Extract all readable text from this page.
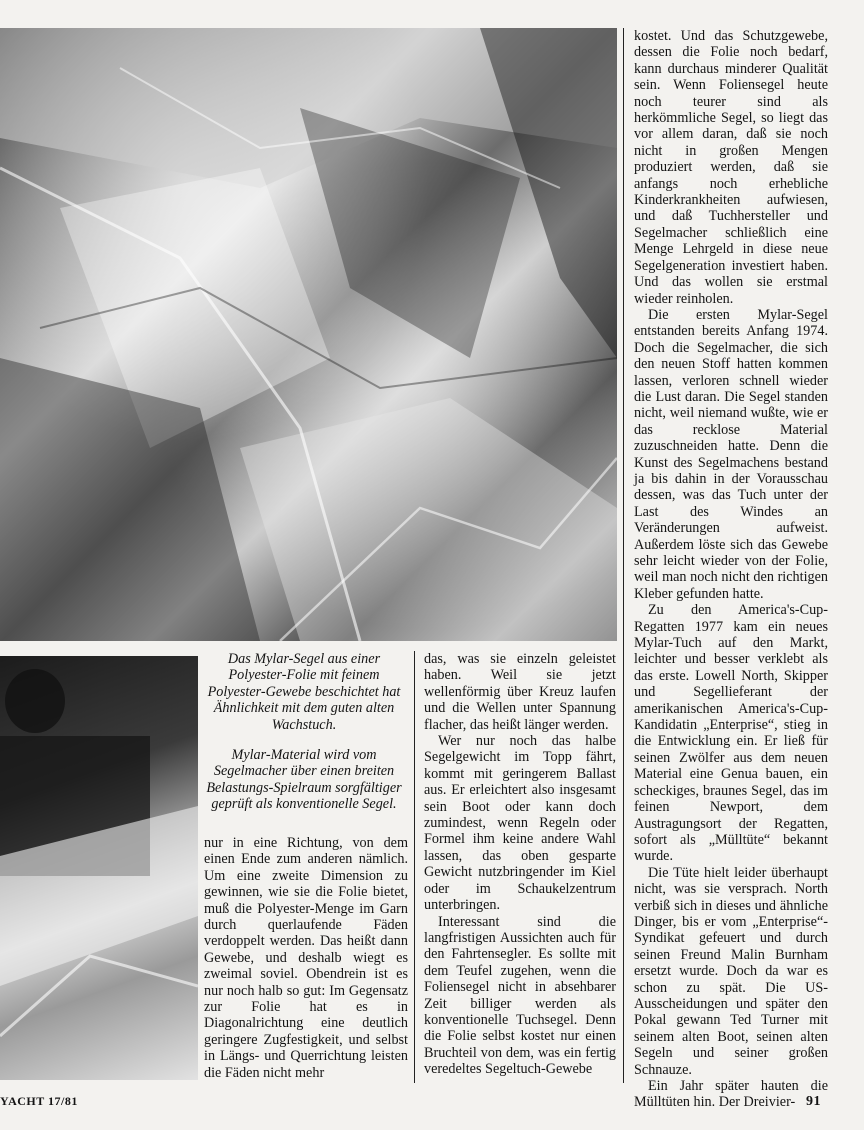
Das Mylar-Segel aus einer Polyester-Folie mit feinem Polyester-Gewebe beschichtet hat Ähnlichkeit mit dem guten alten Wachstuch.

Mylar-Material wird vom Segelmacher über einen breiten Belastungs-Spielraum sorgfältiger geprüft als konventionelle Segel.

nur in eine Richtung, von dem einen Ende zum anderen nämlich. Um eine zweite Dimension zu gewinnen, wie sie die Folie bietet, muß die Polyester-Menge im Garn durch querlaufende Fäden verdoppelt werden. Das heißt dann Gewebe, und deshalb wiegt es zweimal soviel. Obendrein ist es nur noch halb so gut: Im Gegensatz zur Folie hat es in Diagonalrichtung eine deutlich geringere Zugfestigkeit, und selbst in Längs- und Querrichtung leisten die Fäden nicht mehr

das, was sie einzeln geleistet haben. Weil sie jetzt wellenförmig über Kreuz laufen und die Wellen unter Spannung flacher, das heißt länger werden.

Wer nur noch das halbe Segelgewicht im Topp fährt, kommt mit geringerem Ballast aus. Er erleichtert also insgesamt sein Boot oder kann doch zumindest, wenn Regeln oder Formel ihm keine andere Wahl lassen, das oben gesparte Gewicht nutzbringender im Kiel oder im Schaukelzentrum unterbringen.

Interessant sind die langfristigen Aussichten auch für den Fahrtensegler. Es sollte mit dem Teufel zugehen, wenn die Foliensegel nicht in absehbarer Zeit billiger werden als konventionelle Tuchsegel. Denn die Folie selbst kostet nur einen Bruchteil von dem, was ein fertig veredeltes Segeltuch-Gewebe

kostet. Und das Schutzgewebe, dessen die Folie noch bedarf, kann durchaus minderer Qualität sein. Wenn Foliensegel heute noch teurer sind als herkömmliche Segel, so liegt das vor allem daran, daß sie noch nicht in großen Mengen produziert werden, daß sie anfangs noch erhebliche Kinderkrankheiten aufwiesen, und daß Tuchhersteller und Segelmacher schließlich eine Menge Lehrgeld in diese neue Segelgeneration investiert haben. Und das wollen sie erstmal wieder reinholen.

Die ersten Mylar-Segel entstanden bereits Anfang 1974. Doch die Segelmacher, die sich den neuen Stoff hatten kommen lassen, verloren schnell wieder die Lust daran. Die Segel standen nicht, weil niemand wußte, wie er das recklose Material zuzuschneiden hatte. Denn die Kunst des Segelmachens bestand ja bis dahin in der Vorausschau dessen, was das Tuch unter der Last des Windes an Veränderungen aufweist. Außerdem löste sich das Gewebe sehr leicht wieder von der Folie, weil man noch nicht den richtigen Kleber gefunden hatte.

Zu den America's-Cup-Regatten 1977 kam ein neues Mylar-Tuch auf den Markt, leichter und besser verklebt als das erste. Lowell North, Skipper und Segellieferant der amerikanischen America's-Cup-Kandidatin „Enterprise“, stieg in die Entwicklung ein. Er ließ für seinen Zwölfer aus dem neuen Material eine Genua bauen, ein scheckiges, braunes Segel, das im feinen Newport, dem Austragungsort der Regatten, sofort als „Mülltüte“ bekannt wurde.

Die Tüte hielt leider überhaupt nicht, was sie versprach. North verbiß sich in dieses und ähnliche Dinger, bis er vom „Enterprise“-Syndikat gefeuert und durch seinen Freund Malin Burnham ersetzt wurde. Doch da war es schon zu spät. Die US-Ausscheidungen und später den Pokal gewann Ted Turner mit seinem alten Boot, seinen alten Segeln und seiner großen Schnauze.

Ein Jahr später hauten die Mülltüten hin. Der Dreivier-

YACHT 17/81	91
